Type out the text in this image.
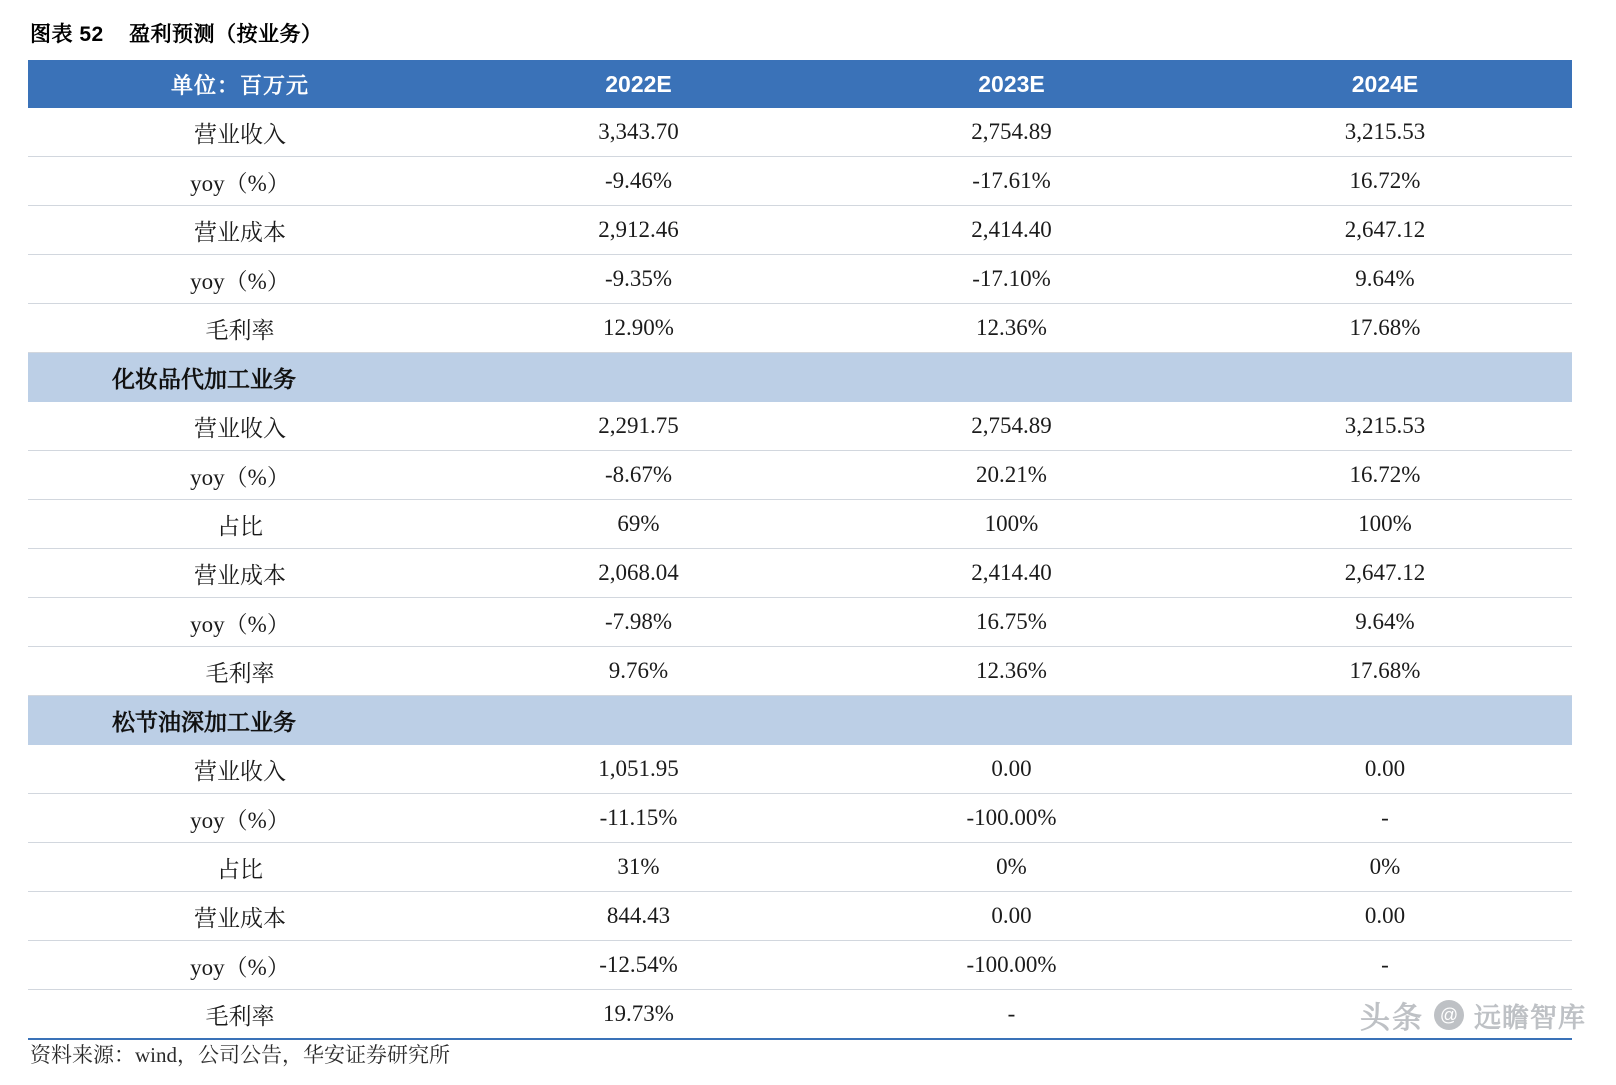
图表 52 盈利预测（按业务）
单位：百万元	2022E	2023E	2024E
营业收入	3,343.70	2,754.89	3,215.53
yoy（%）	-9.46%	-17.61%	16.72%
营业成本	2,912.46	2,414.40	2,647.12
yoy（%）	-9.35%	-17.10%	9.64%
毛利率	12.90%	12.36%	17.68%
化妆品代加工业务			
营业收入	2,291.75	2,754.89	3,215.53
yoy（%）	-8.67%	20.21%	16.72%
占比	69%	100%	100%
营业成本	2,068.04	2,414.40	2,647.12
yoy（%）	-7.98%	16.75%	9.64%
毛利率	9.76%	12.36%	17.68%
松节油深加工业务			
营业收入	1,051.95	0.00	0.00
yoy（%）	-11.15%	-100.00%	-
占比	31%	0%	0%
营业成本	844.43	0.00	0.00
yoy（%）	-12.54%	-100.00%	-
毛利率	19.73%	-		头条 @ 远瞻智库
资料来源：wind，公司公告，华安证券研究所
